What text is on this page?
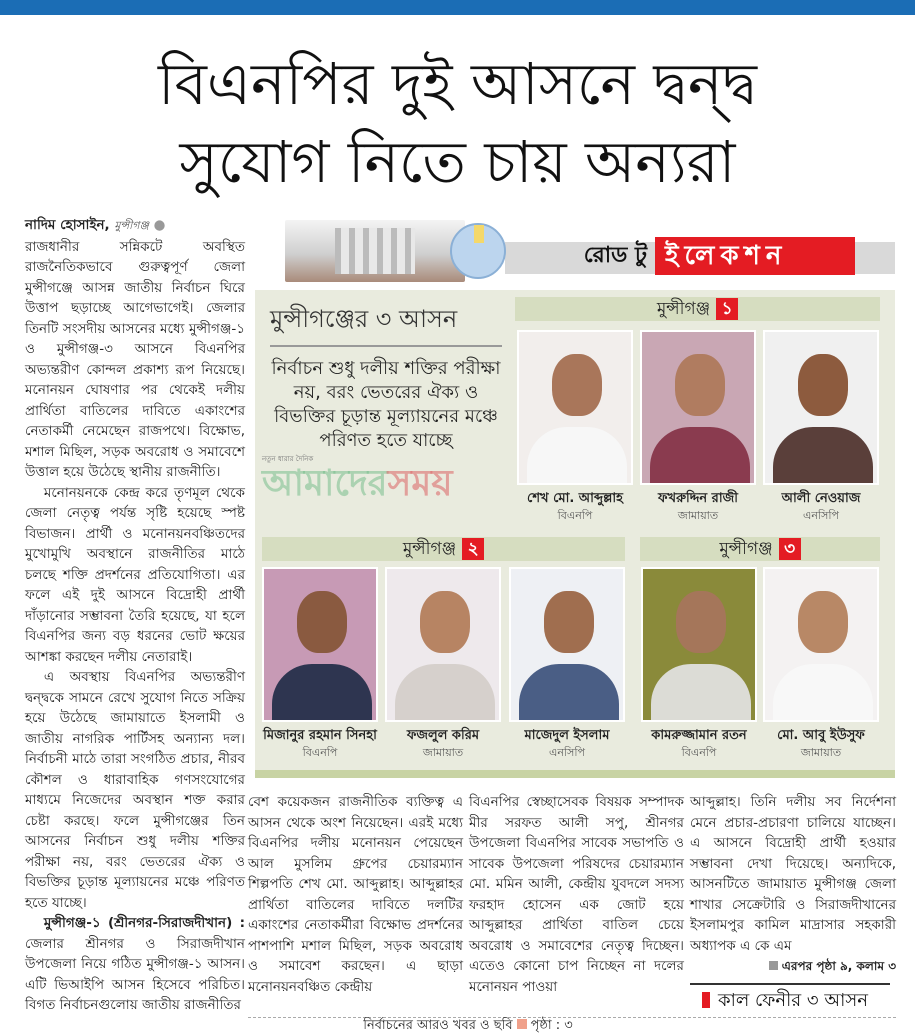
বিএনপির দুই আসনে দ্বন্দ্ব
সুযোগ নিতে চায় অন্যরা

নাদিম হোসাইন, মুন্সীগঞ্জ ●

রাজধানীর সন্নিকটে অবস্থিত রাজনৈতিকভাবে গুরুত্বপূর্ণ জেলা মুন্সীগঞ্জে আসন্ন জাতীয় নির্বাচন ঘিরে উত্তাপ ছড়াচ্ছে আগেভাগেই। জেলার তিনটি সংসদীয় আসনের মধ্যে মুন্সীগঞ্জ-১ ও মুন্সীগঞ্জ-৩ আসনে বিএনপির অভ্যন্তরীণ কোন্দল প্রকাশ্য রূপ নিয়েছে। মনোনয়ন ঘোষণার পর থেকেই দলীয় প্রার্থিতা বাতিলের দাবিতে একাংশের নেতাকর্মী নেমেছেন রাজপথে। বিক্ষোভ, মশাল মিছিল, সড়ক অবরোধ ও সমাবেশে উত্তাল হয়ে উঠেছে স্থানীয় রাজনীতি।

মনোনয়নকে কেন্দ্র করে তৃণমূল থেকে জেলা নেতৃত্ব পর্যন্ত সৃষ্টি হয়েছে স্পষ্ট বিভাজন। প্রার্থী ও মনোনয়নবঞ্চিতদের মুখোমুখি অবস্থানে রাজনীতির মাঠে চলছে শক্তি প্রদর্শনের প্রতিযোগিতা। এর ফলে এই দুই আসনে বিদ্রোহী প্রার্থী দাঁড়ানোর সম্ভাবনা তৈরি হয়েছে, যা হলে বিএনপির জন্য বড় ধরনের ভোট ক্ষয়ের আশঙ্কা করছেন দলীয় নেতারাই।

এ অবস্থায় বিএনপির অভ্যন্তরীণ দ্বন্দ্বকে সামনে রেখে সুযোগ নিতে সক্রিয় হয়ে উঠেছে জামায়াতে ইসলামী ও জাতীয় নাগরিক পার্টিসহ অন্যান্য দল। নির্বাচনী মাঠে তারা সংগঠিত প্রচার, নীরব কৌশল ও ধারাবাহিক গণসংযোগের মাধ্যমে নিজেদের অবস্থান শক্ত করার চেষ্টা করছে। ফলে মুন্সীগঞ্জের তিন আসনের নির্বাচন শুধু দলীয় শক্তির পরীক্ষা নয়, বরং ভেতরের ঐক্য ও বিভক্তির চূড়ান্ত মূল্যায়নের মঞ্চে পরিণত হতে যাচ্ছে।

মুন্সীগঞ্জ-১ (শ্রীনগর-সিরাজদীখান) : জেলার শ্রীনগর ও সিরাজদীখান উপজেলা নিয়ে গঠিত মুন্সীগঞ্জ-১ আসন। এটি ভিআইপি আসন হিসেবে পরিচিত। বিগত নির্বাচনগুলোয় জাতীয় রাজনীতির

রোড টু ইলেকশন
মুন্সীগঞ্জের ৩ আসন
নির্বাচন শুধু দলীয় শক্তির পরীক্ষা নয়, বরং ভেতরের ঐক্য ও বিভক্তির চূড়ান্ত মূল্যায়নের মঞ্চে পরিণত হতে যাচ্ছে
নতুন ধারার দৈনিক
আমাদেরসময়
মুন্সীগঞ্জ ১
শেখ মো. আব্দুল্লাহ
বিএনপি
ফখরুদ্দিন রাজী
জামায়াত
আলী নেওয়াজ
এনসিপি
মুন্সীগঞ্জ ২
মিজানুর রহমান সিনহা
বিএনপি
ফজলুল করিম
জামায়াত
মাজেদুল ইসলাম
এনসিপি
মুন্সীগঞ্জ ৩
কামরুজ্জামান রতন
বিএনপি
মো. আবু ইউসুফ
জামায়াত

বেশ কয়েকজন রাজনীতিক ব্যক্তিত্ব এ আসন থেকে অংশ নিয়েছেন। এরই মধ্যে বিএনপির দলীয় মনোনয়ন পেয়েছেন আল মুসলিম গ্রুপের চেয়ারম্যান শিল্পপতি শেখ মো. আব্দুল্লাহ। আব্দুল্লাহর প্রার্থিতা বাতিলের দাবিতে দলটির একাংশের নেতাকর্মীরা বিক্ষোভ প্রদর্শনের পাশপাশি মশাল মিছিল, সড়ক অবরোধ ও সমাবেশ করছেন। এ ছাড়া মনোনয়নবঞ্চিত কেন্দ্রীয়

বিএনপির স্বেচ্ছাসেবক বিষয়ক সম্পাদক মীর সরফত আলী সপু, শ্রীনগর উপজেলা বিএনপির সাবেক সভাপতি ও সাবেক উপজেলা পরিষদের চেয়ারম্যান মো. মমিন আলী, কেন্দ্রীয় যুবদলে সদস্য ফরহাদ হোসেন এক জোট হয়ে আব্দুল্লাহর প্রার্থিতা বাতিল চেয়ে অবরোধ ও সমাবেশের নেতৃত্ব দিচ্ছেন। এতেও কোনো চাপ নিচ্ছেন না দলের মনোনয়ন পাওয়া

আব্দুল্লাহ। তিনি দলীয় সব নির্দেশনা মেনে প্রচার-প্রচারণা চালিয়ে যাচ্ছেন। এ আসনে বিদ্রোহী প্রার্থী হওয়ার সম্ভাবনা দেখা দিয়েছে। অন্যদিকে, আসনটিতে জামায়াত মুন্সীগঞ্জ জেলা শাখার সেক্রেটারি ও সিরাজদীখানের ইসলামপুর কামিল মাদ্রাসার সহকারী অধ্যাপক এ কে এম

এরপর পৃষ্ঠা ৯, কলাম ৩

কাল ফেনীর ৩ আসন
নির্বাচনের আরও খবর ও ছবি পৃষ্ঠা : ৩
